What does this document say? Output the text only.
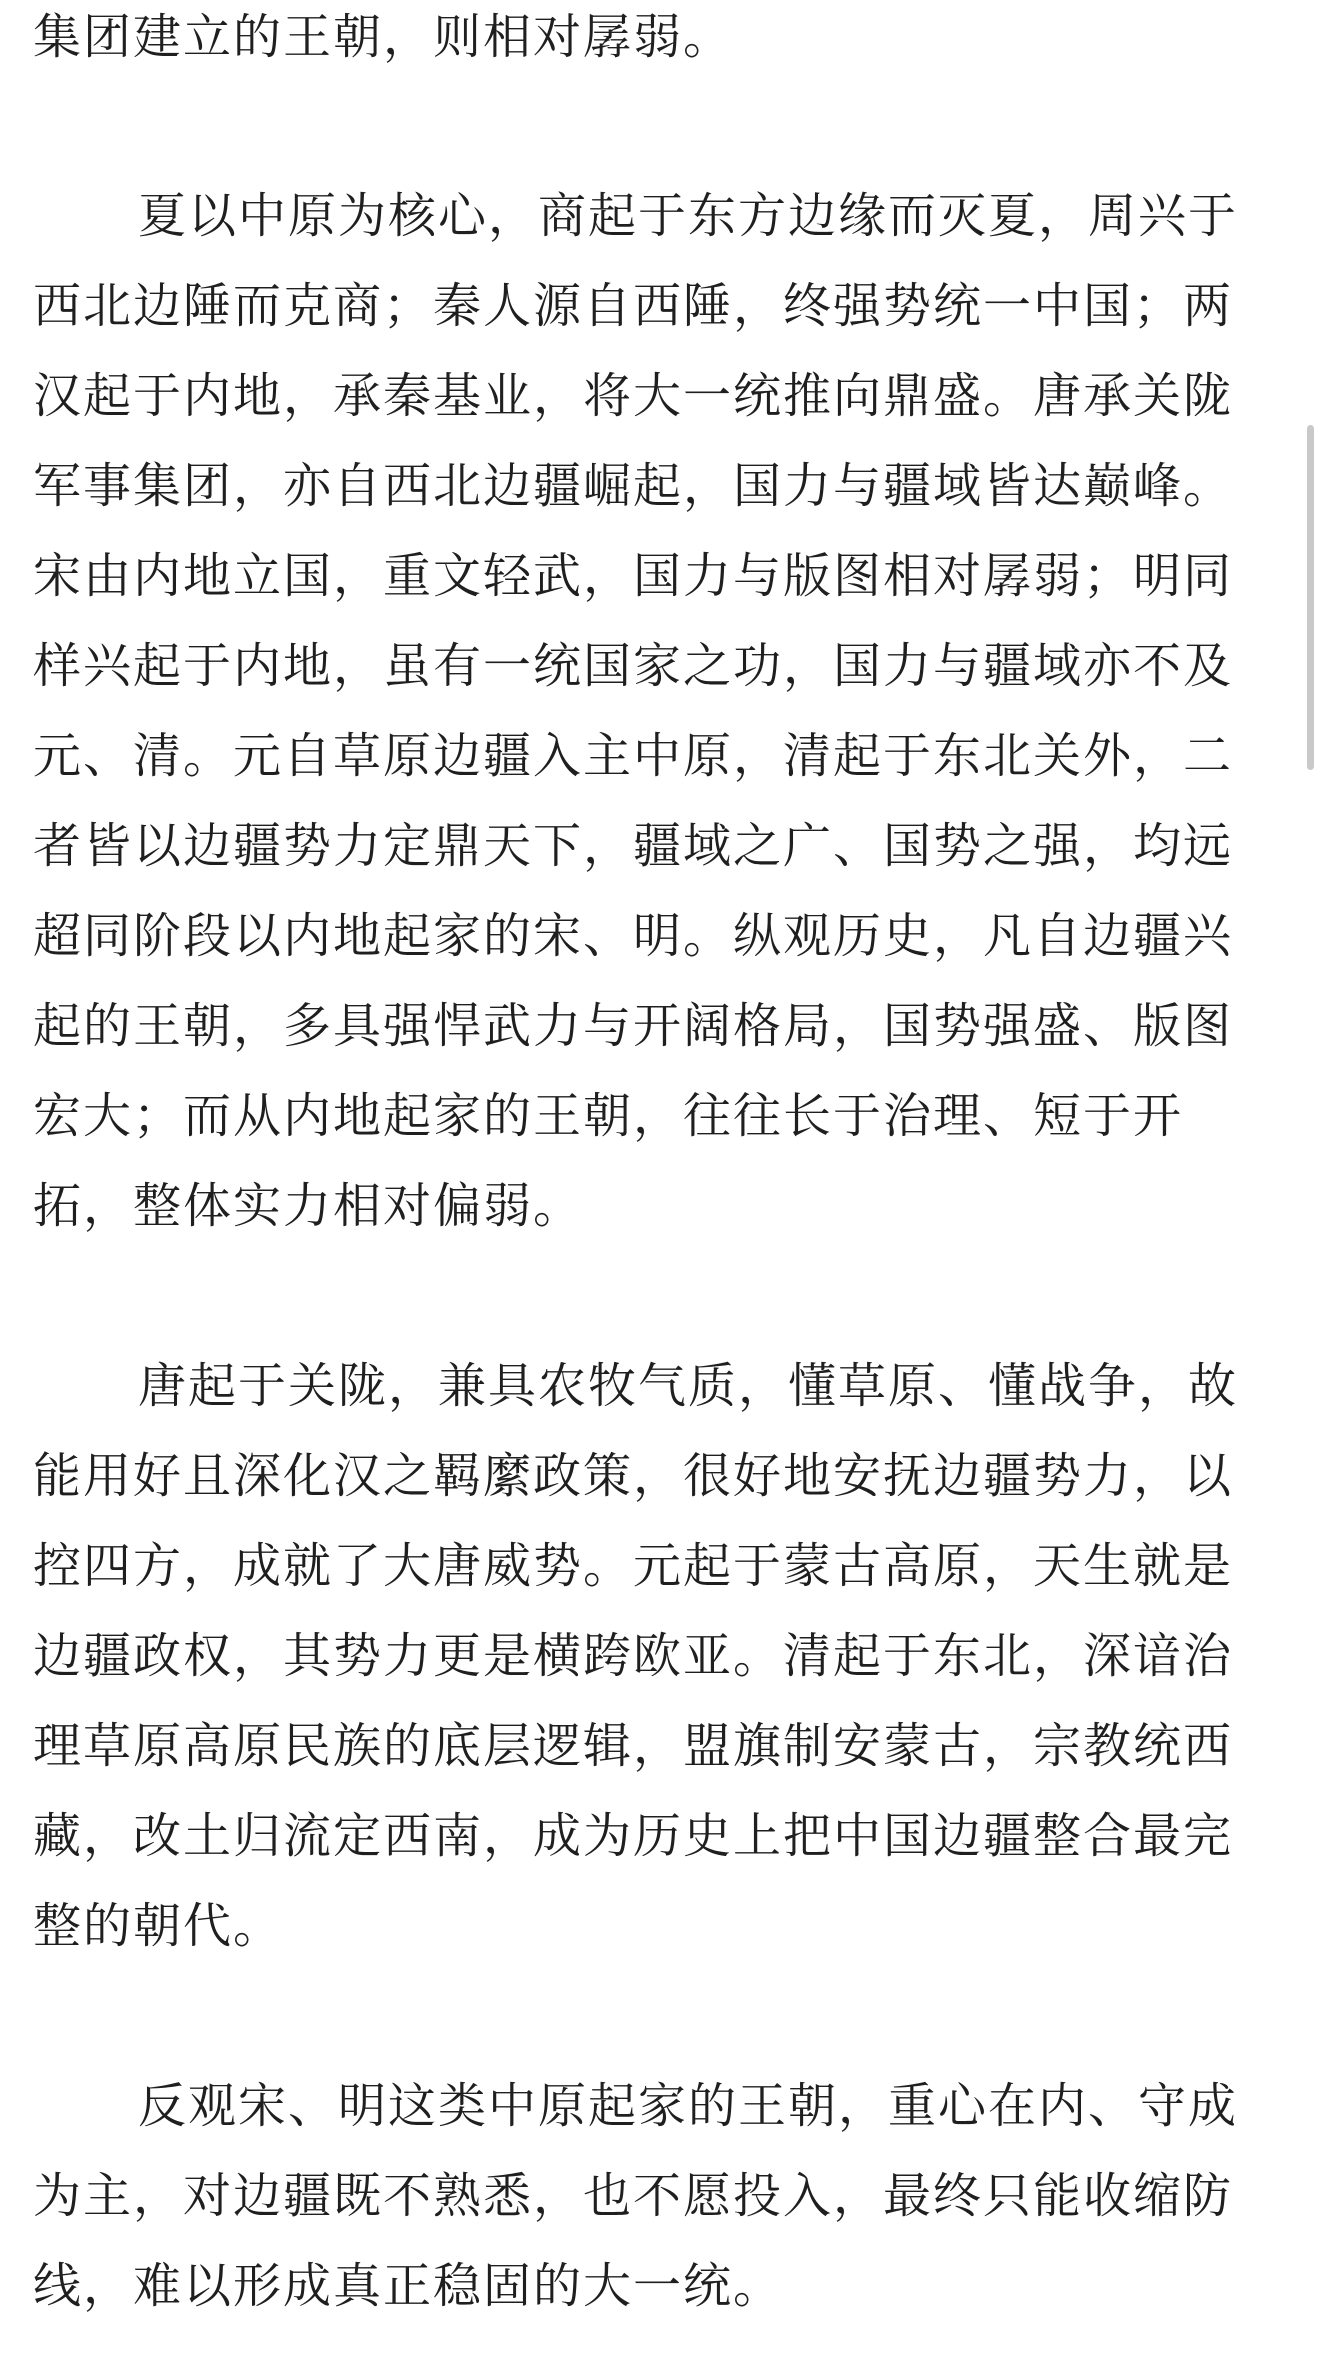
集团建立的王朝，则相对孱弱。
夏以中原为核心，商起于东方边缘而灭夏，周兴于
西北边陲而克商；秦人源自西陲，终强势统一中国；两
汉起于内地，承秦基业，将大一统推向鼎盛。唐承关陇
军事集团，亦自西北边疆崛起，国力与疆域皆达巅峰。
宋由内地立国，重文轻武，国力与版图相对孱弱；明同
样兴起于内地，虽有一统国家之功，国力与疆域亦不及
元、清。元自草原边疆入主中原，清起于东北关外，二
者皆以边疆势力定鼎天下，疆域之广、国势之强，均远
超同阶段以内地起家的宋、明。纵观历史，凡自边疆兴
起的王朝，多具强悍武力与开阔格局，国势强盛、版图
宏大；而从内地起家的王朝，往往长于治理、短于开
拓，整体实力相对偏弱。
唐起于关陇，兼具农牧气质，懂草原、懂战争，故
能用好且深化汉之羁縻政策，很好地安抚边疆势力，以
控四方，成就了大唐威势。元起于蒙古高原，天生就是
边疆政权，其势力更是横跨欧亚。清起于东北，深谙治
理草原高原民族的底层逻辑，盟旗制安蒙古，宗教统西
藏，改土归流定西南，成为历史上把中国边疆整合最完
整的朝代。
反观宋、明这类中原起家的王朝，重心在内、守成
为主，对边疆既不熟悉，也不愿投入，最终只能收缩防
线，难以形成真正稳固的大一统。
